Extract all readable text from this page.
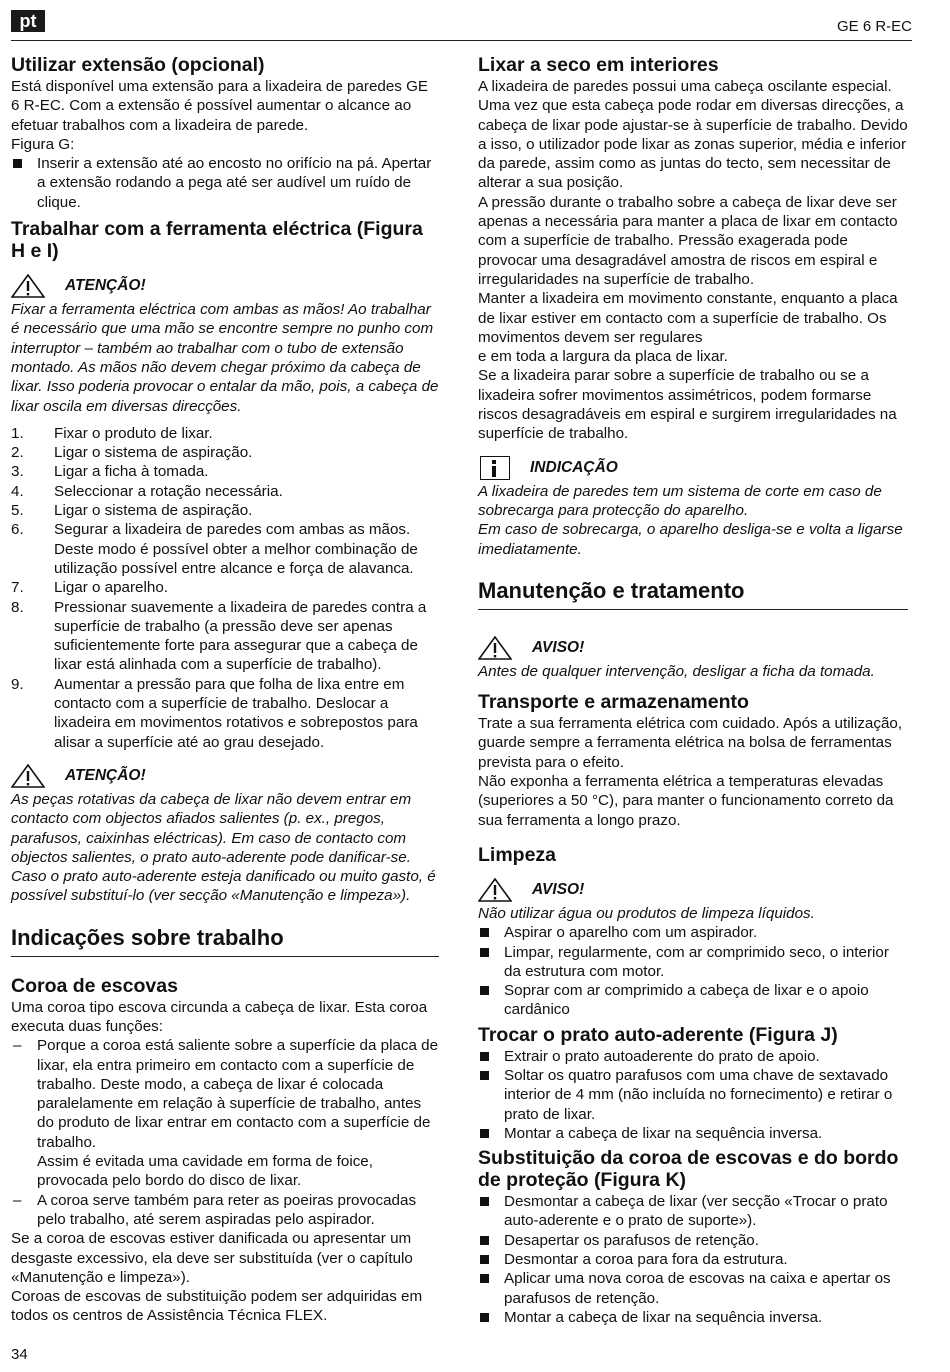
pt	GE 6 R-EC
Utilizar extensão (opcional)

Está disponível uma extensão para a lixadeira de paredes GE 6 R-EC. Com a extensão é possível aumentar o alcance ao efetuar trabalhos com a lixadeira de parede.

Figura G:

Inserir a extensão até ao encosto no orifício na pá. Apertar a extensão rodando a pega até ser audível um ruído de clique.
Trabalhar com a ferramenta eléctrica (Figura H e I)
ATENÇÃO!

Fixar a ferramenta eléctrica com ambas as mãos! Ao trabalhar é necessário que uma mão se encontre sempre no punho com interruptor – também ao trabalhar com o tubo de extensão montado. As mãos não devem chegar próximo da cabeça de lixar. Isso poderia provocar o entalar da mão, pois, a cabeça de lixar oscila em diversas direcções.

1. Fixar o produto de lixar.
2. Ligar o sistema de aspiração.
3. Ligar a ficha à tomada.
4. Seleccionar a rotação necessária.
5. Ligar o sistema de aspiração.
6. Segurar a lixadeira de paredes com ambas as mãos. Deste modo é possível obter a melhor combinação de utilização possível entre alcance e força de alavanca.
7. Ligar o aparelho.
8. Pressionar suavemente a lixadeira de paredes contra a superfície de trabalho (a pressão deve ser apenas suficientemente forte para assegurar que a cabeça de lixar está alinhada com a superfície de trabalho).
9. Aumentar a pressão para que folha de lixa entre em contacto com a superfície de trabalho. Deslocar a lixadeira em movimentos rotativos e sobrepostos para alisar a superfície até ao grau desejado.
ATENÇÃO!

As peças rotativas da cabeça de lixar não devem entrar em contacto com objectos afiados salientes (p. ex., pregos, parafusos, caixinhas eléctricas). Em caso de contacto com objectos salientes, o prato auto-aderente pode danificar-se.

Caso o prato auto-aderente esteja danificado ou muito gasto, é possível substituí-lo (ver secção «Manutenção e limpeza»).

Indicações sobre trabalho
Coroa de escovas

Uma coroa tipo escova circunda a cabeça de lixar. Esta coroa executa duas funções:

– Porque a coroa está saliente sobre a superfície da placa de lixar, ela entra primeiro em contacto com a superfície de trabalho. Deste modo, a cabeça de lixar é colocada paralelamente em relação à superfície de trabalho, antes do produto de lixar entrar em contacto com a superfície de trabalho.
Assim é evitada uma cavidade em forma de foice, provocada pelo bordo do disco de lixar.
– A coroa serve também para reter as poeiras provocadas pelo trabalho, até serem aspiradas pelo aspirador.

Se a coroa de escovas estiver danificada ou apresentar um desgaste excessivo, ela deve ser substituída (ver o capítulo «Manutenção e limpeza»).

Coroas de escovas de substituição podem ser adquiridas em todos os centros de Assistência Técnica FLEX.

Lixar a seco em interiores

A lixadeira de paredes possui uma cabeça oscilante especial. Uma vez que esta cabeça pode rodar em diversas direcções, a cabeça de lixar pode ajustar-se à superfície de trabalho. Devido a isso, o utilizador pode lixar as zonas superior, média e inferior da parede, assim como as juntas do tecto, sem necessitar de alterar a sua posição.

A pressão durante o trabalho sobre a cabeça de lixar deve ser apenas a necessária para manter a placa de lixar em contacto com a superfície de trabalho. Pressão exagerada pode provocar uma desagradável amostra de riscos em espiral e irregularidades na superfície de trabalho.

Manter a lixadeira em movimento constante, enquanto a placa de lixar estiver em contacto com a superfície de trabalho. Os movimentos devem ser regulares

e em toda a largura da placa de lixar.

Se a lixadeira parar sobre a superfície de trabalho ou se a lixadeira sofrer movimentos assimétricos, podem formarse riscos desagradáveis em espiral e surgirem irregularidades na superfície de trabalho.

INDICAÇÃO

A lixadeira de paredes tem um sistema de corte em caso de sobrecarga para protecção do aparelho.

Em caso de sobrecarga, o aparelho desliga-se e volta a ligarse imediatamente.

Manutenção e tratamento
AVISO!

Antes de qualquer intervenção, desligar a ficha da tomada.

Transporte e armazenamento

Trate a sua ferramenta elétrica com cuidado. Após a utilização, guarde sempre a ferramenta elétrica na bolsa de ferramentas prevista para o efeito.

Não exponha a ferramenta elétrica a temperaturas elevadas (superiores a 50 °C), para manter o funcionamento correto da sua ferramenta a longo prazo.

Limpeza
AVISO!

Não utilizar água ou produtos de limpeza líquidos.

Aspirar o aparelho com um aspirador.
Limpar, regularmente, com ar comprimido seco, o interior da estrutura com motor.
Soprar com ar comprimido a cabeça de lixar e o apoio cardânico
Trocar o prato auto-aderente (Figura J)
Extrair o prato autoaderente do prato de apoio.
Soltar os quatro parafusos com uma chave de sextavado interior de 4 mm (não incluída no fornecimento) e retirar o prato de lixar.
Montar a cabeça de lixar na sequência inversa.
Substituição da coroa de escovas e do bordo de proteção (Figura K)
Desmontar a cabeça de lixar (ver secção «Trocar o prato auto-aderente e o prato de suporte»).
Desapertar os parafusos de retenção.
Desmontar a coroa para fora da estrutura.
Aplicar uma nova coroa de escovas na caixa e apertar os parafusos de retenção.
Montar a cabeça de lixar na sequência inversa.
34
